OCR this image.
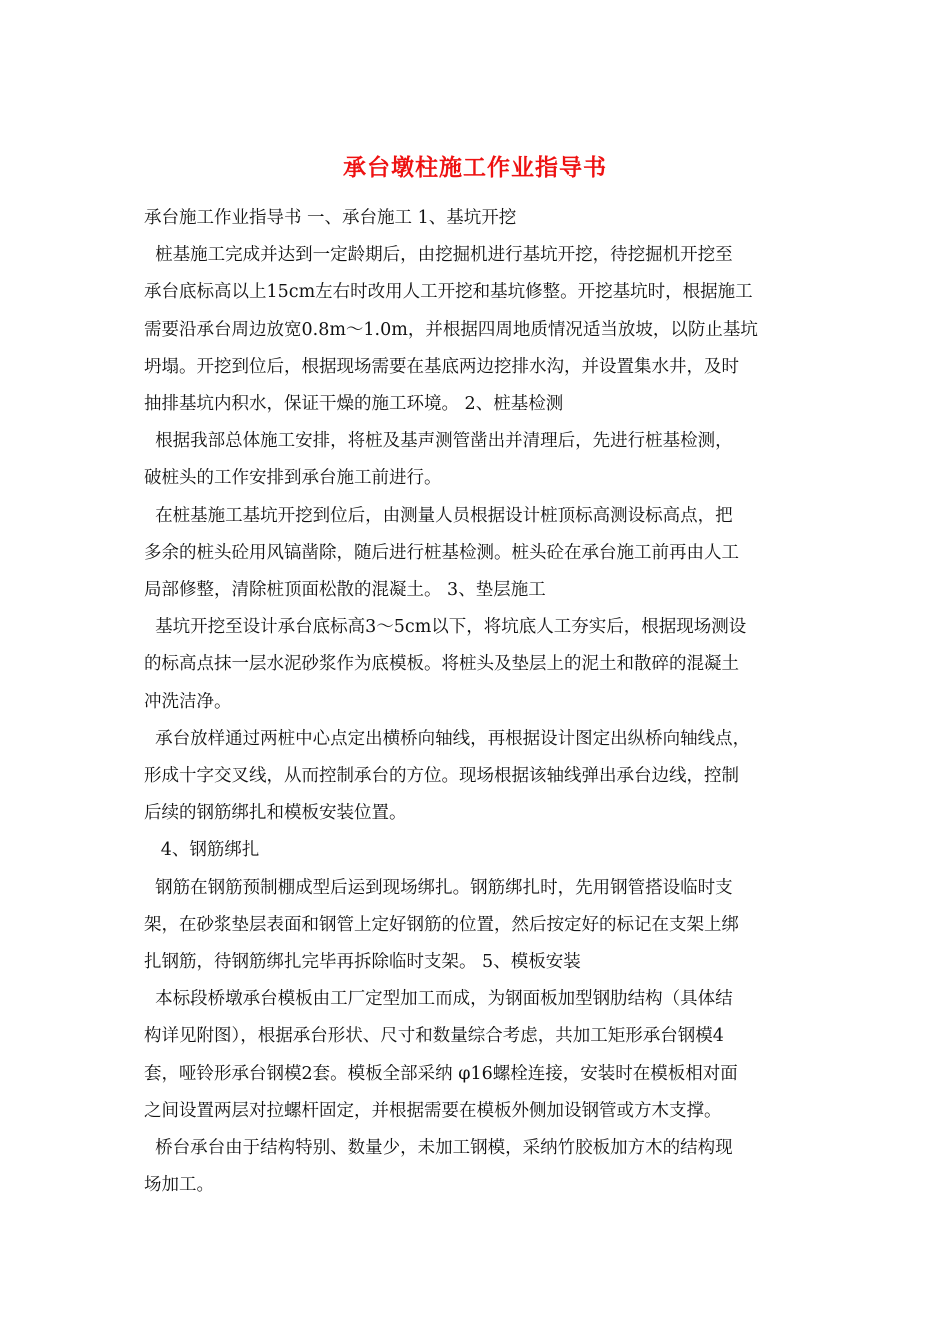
承台墩柱施工作业指导书
承台施工作业指导书 一、承台施工 1、基坑开挖
桩基施工完成并达到一定龄期后，由挖掘机进行基坑开挖，待挖掘机开挖至
承台底标高以上15cm左右时改用人工开挖和基坑修整。开挖基坑时，根据施工
需要沿承台周边放宽0.8m～1.0m，并根据四周地质情况适当放坡，以防止基坑
坍塌。开挖到位后，根据现场需要在基底两边挖排水沟，并设置集水井，及时
抽排基坑内积水，保证干燥的施工环境。 2、桩基检测
根据我部总体施工安排，将桩及基声测管凿出并清理后，先进行桩基检测，
破桩头的工作安排到承台施工前进行。
在桩基施工基坑开挖到位后，由测量人员根据设计桩顶标高测设标高点，把
多余的桩头砼用风镐凿除，随后进行桩基检测。桩头砼在承台施工前再由人工
局部修整，清除桩顶面松散的混凝土。 3、垫层施工
基坑开挖至设计承台底标高3～5cm以下，将坑底人工夯实后，根据现场测设
的标高点抹一层水泥砂浆作为底模板。将桩头及垫层上的泥土和散碎的混凝土
冲洗洁净。
承台放样通过两桩中心点定出横桥向轴线，再根据设计图定出纵桥向轴线点，
形成十字交叉线，从而控制承台的方位。现场根据该轴线弹出承台边线，控制
后续的钢筋绑扎和模板安装位置。
4、钢筋绑扎
钢筋在钢筋预制棚成型后运到现场绑扎。钢筋绑扎时，先用钢管搭设临时支
架，在砂浆垫层表面和钢管上定好钢筋的位置，然后按定好的标记在支架上绑
扎钢筋，待钢筋绑扎完毕再拆除临时支架。 5、模板安装
本标段桥墩承台模板由工厂定型加工而成，为钢面板加型钢肋结构（具体结
构详见附图），根据承台形状、尺寸和数量综合考虑，共加工矩形承台钢模4
套，哑铃形承台钢模2套。模板全部采纳 φ16螺栓连接，安装时在模板相对面
之间设置两层对拉螺杆固定，并根据需要在模板外侧加设钢管或方木支撑。
桥台承台由于结构特别、数量少，未加工钢模，采纳竹胶板加方木的结构现
场加工。
